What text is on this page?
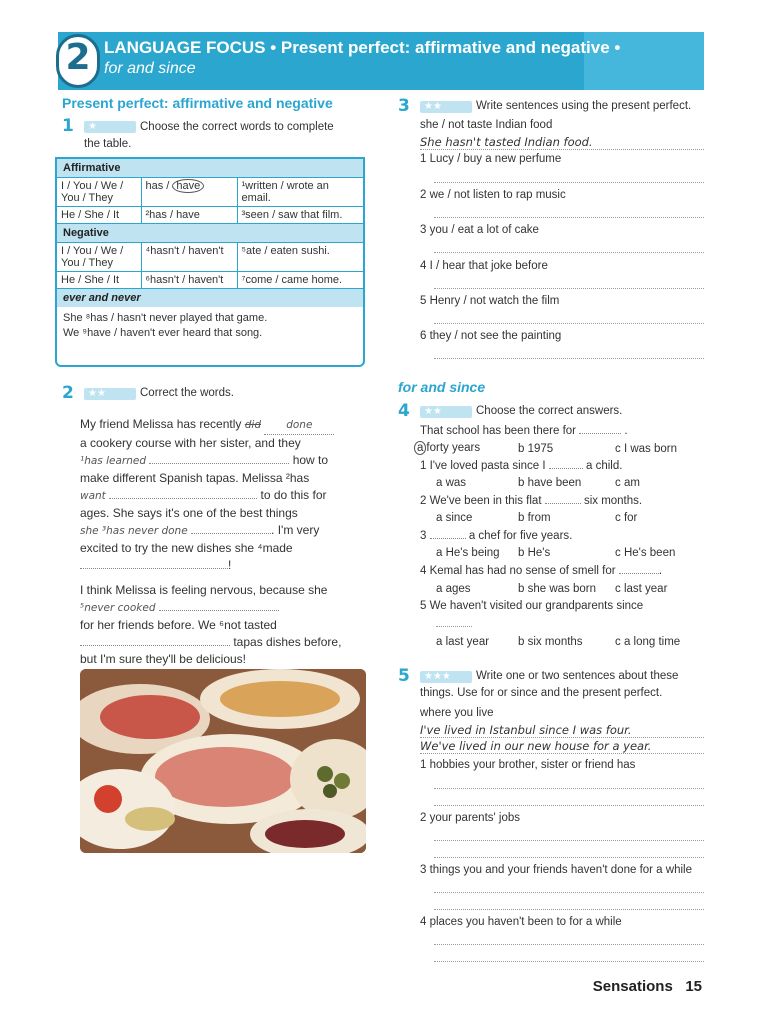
2 LANGUAGE FOCUS • Present perfect: affirmative and negative •
for and since
Present perfect: affirmative and negative
1	★	Choose the correct words to complete
the table.
Affirmative
I / You / We / You / They	has / have	¹written / wrote an email.
He / She / It	²has / have	³seen / saw that film.
Negative
I / You / We / You / They	⁴hasn't / haven't	⁵ate / eaten sushi.
He / She / It	⁶hasn't / haven't	⁷come / came home.
ever and never
She ⁸has / hasn't never played that game.
We ⁹have / haven't ever heard that song.
2	★★	Correct the words.
My friend Melissa has recently did done
a cookery course with her sister, and they
¹has learned	how to
make different Spanish tapas. Melissa ²has
want	to do this for
ages. She says it's one of the best things
she ³has never done	. I'm very
excited to try the new dishes she ⁴made
!
I think Melissa is feeling nervous, because she
⁵never cooked
for her friends before. We ⁶not tasted
tapas dishes before,
but I'm sure they'll be delicious!
3	★★	Write sentences using the present perfect.
she / not taste Indian food
She hasn't tasted Indian food.
1 Lucy / buy a new perfume
2 we / not listen to rap music
3 you / eat a lot of cake
4 I / hear that joke before
5 Henry / not watch the film
6 they / not see the painting
for and since
4	★★	Choose the correct answers.
That school has been there for	.
a forty years	b 1975	c I was born
1 I've loved pasta since I	a child.
a was	b have been	c am
2 We've been in this flat	six months.
a since	b from	c for
3	a chef for five years.
a He's being b He's	c He's been
4 Kemal has had no sense of smell for	.
a ages	b she was born c last year
5 We haven't visited our grandparents since
a last year	b six months	c a long time
5	★★★	Write one or two sentences about these
things. Use for or since and the present perfect.
where you live
I've lived in Istanbul since I was four.
We've lived in our new house for a year.
1 hobbies your brother, sister or friend has
2 your parents' jobs
3 things you and your friends haven't done for a while
4 places you haven't been to for a while
Sensations 15
